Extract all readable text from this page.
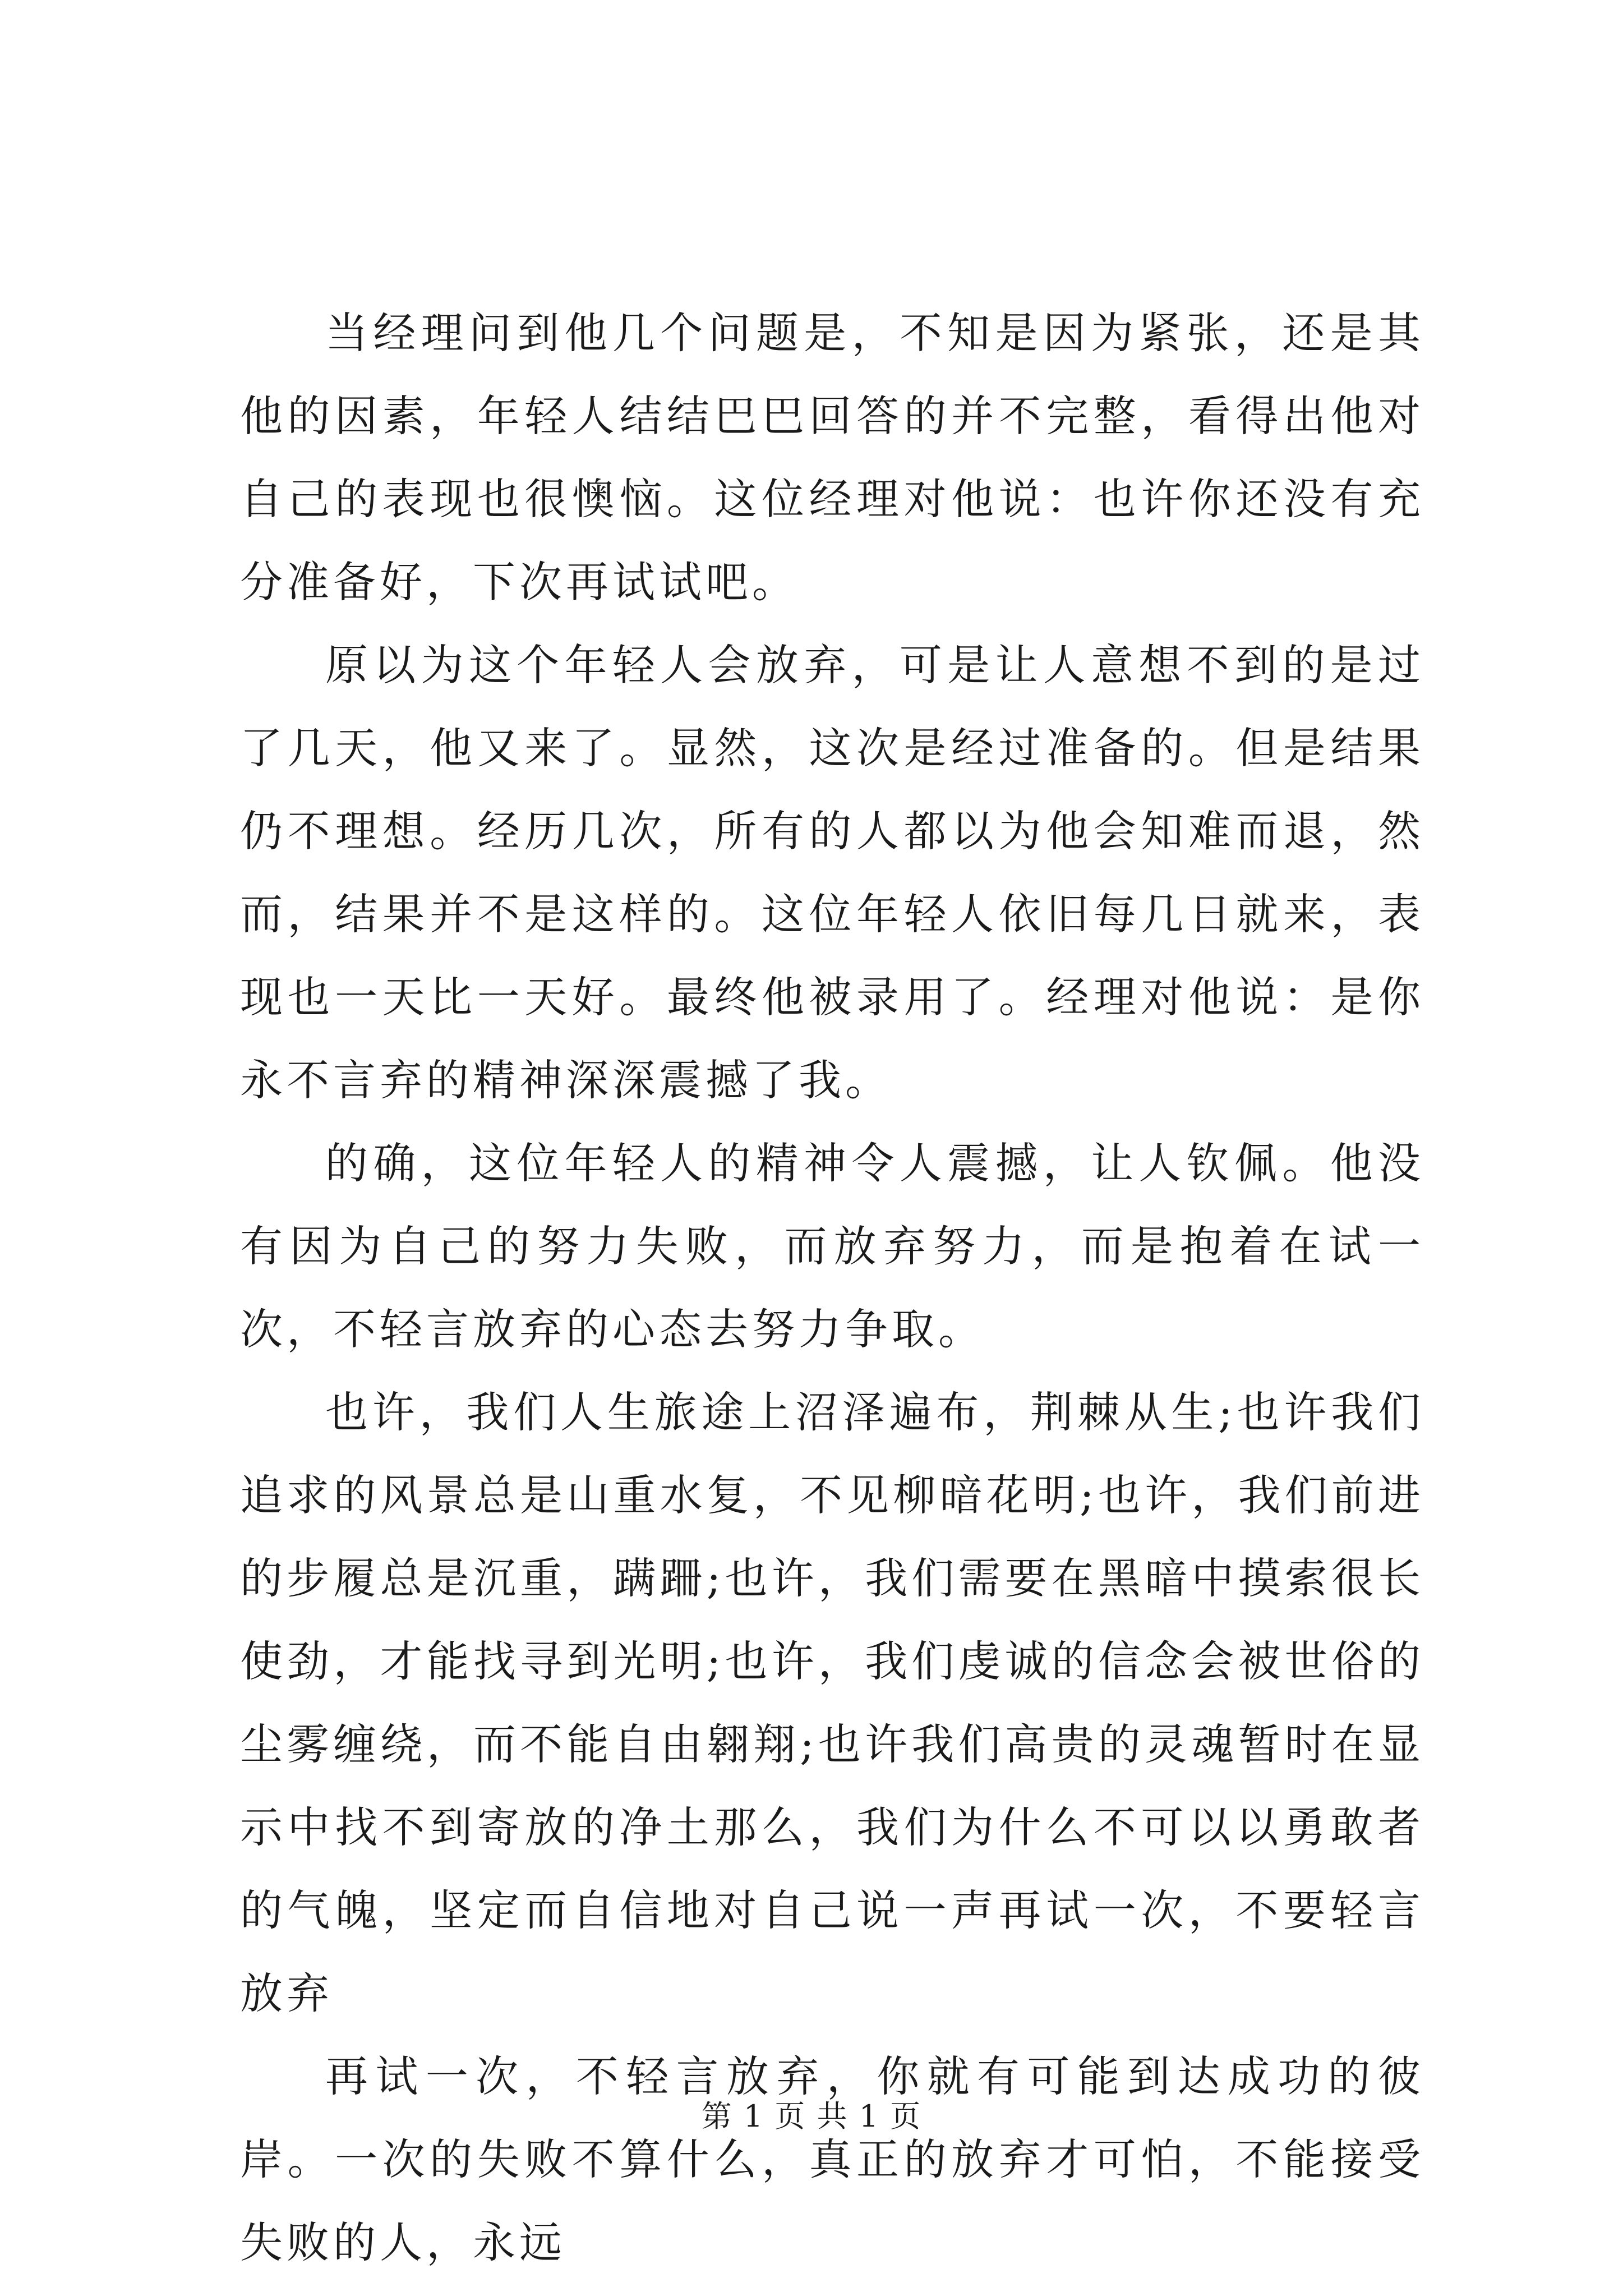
当经理问到他几个问题是，不知是因为紧张，还是其他的因素，年轻人结结巴巴回答的并不完整，看得出他对自己的表现也很懊恼。这位经理对他说：也许你还没有充分准备好，下次再试试吧。

原以为这个年轻人会放弃，可是让人意想不到的是过了几天，他又来了。显然，这次是经过准备的。但是结果仍不理想。经历几次，所有的人都以为他会知难而退，然而，结果并不是这样的。这位年轻人依旧每几日就来，表现也一天比一天好。最终他被录用了。经理对他说：是你永不言弃的精神深深震撼了我。

的确，这位年轻人的精神令人震撼，让人钦佩。他没有因为自己的努力失败，而放弃努力，而是抱着在试一次，不轻言放弃的心态去努力争取。

也许，我们人生旅途上沼泽遍布，荆棘从生;也许我们追求的风景总是山重水复，不见柳暗花明;也许，我们前进的步履总是沉重，蹒跚;也许，我们需要在黑暗中摸索很长使劲，才能找寻到光明;也许，我们虔诚的信念会被世俗的尘雾缠绕，而不能自由翱翔;也许我们高贵的灵魂暂时在显示中找不到寄放的净土那么，我们为什么不可以以勇敢者的气魄，坚定而自信地对自己说一声再试一次，不要轻言放弃

再试一次，不轻言放弃，你就有可能到达成功的彼岸。一次的失败不算什么，真正的放弃才可怕，不能接受失败的人，永远

第 1 页 共 1 页
